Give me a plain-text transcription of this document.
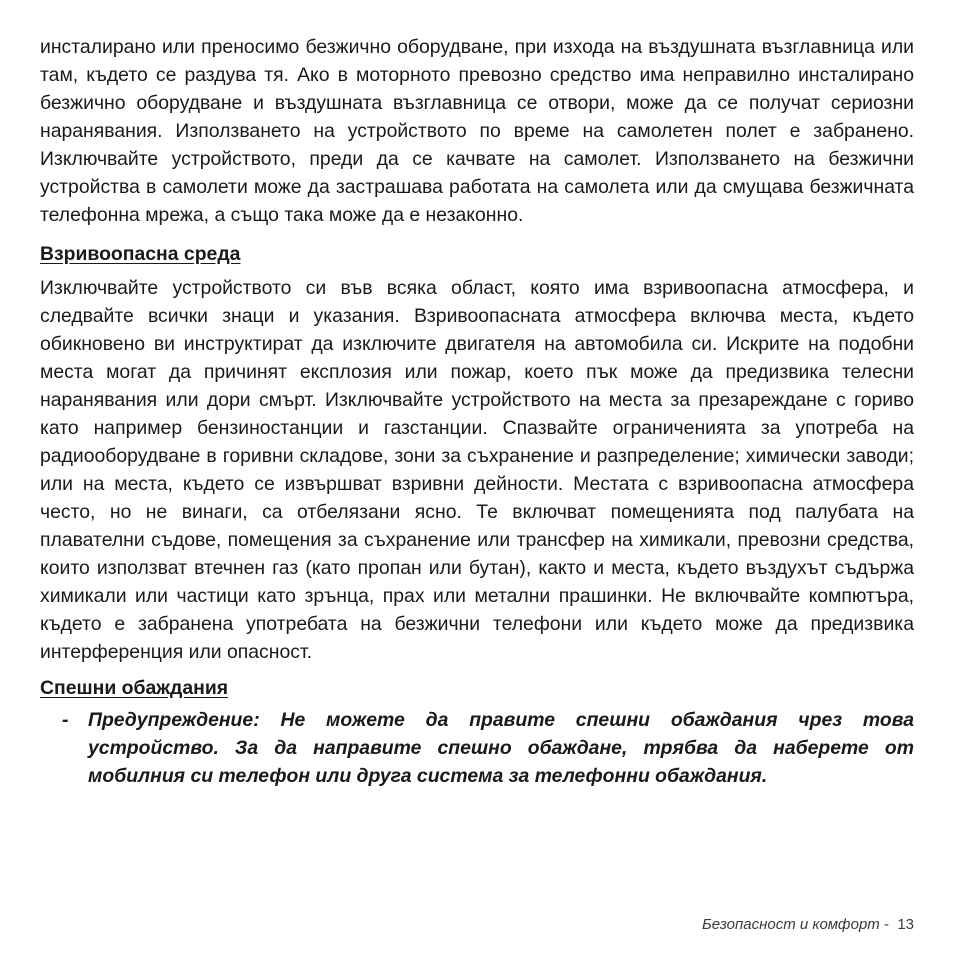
инсталирано или преносимо безжично оборудване, при изхода на въздушната възглавница или там, където се раздува тя. Ако в моторното превозно средство има неправилно инсталирано безжично оборудване и въздушната възглавница се отвори, може да се получат сериозни наранявания. Използването на устройството по време на самолетен полет е забранено. Изключвайте устройството, преди да се качвате на самолет. Използването на безжични устройства в самолети може да застрашава работата на самолета или да смущава безжичната телефонна мрежа, а също така може да е незаконно.

Взривоопасна среда

Изключвайте устройството си във всяка област, която има взривоопасна атмосфера, и следвайте всички знаци и указания. Взривоопасната атмосфера включва места, където обикновено ви инструктират да изключите двигателя на автомобила си. Искрите на подобни места могат да причинят експлозия или пожар, което пък може да предизвика телесни наранявания или дори смърт. Изключвайте устройството на места за презареждане с гориво като например бензиностанции и газстанции. Спазвайте ограниченията за употреба на радиооборудване в горивни складове, зони за съхранение и разпределение; химически заводи; или на места, където се извършват взривни дейности. Местата с взривоопасна атмосфера често, но не винаги, са отбелязани ясно. Те включват помещенията под палубата на плавателни съдове, помещения за съхранение или трансфер на химикали, превозни средства, които използват втечнен газ (като пропан или бутан), както и места, където въздухът съдържа химикали или частици като зрънца, прах или метални прашинки. Не включвайте компютъра, където е забранена употребата на безжични телефони или където може да предизвика интерференция или опасност.

Спешни обаждания
- Предупреждение: Не можете да правите спешни обаждания чрез това устройство. За да направите спешно обаждане, трябва да наберете от мобилния си телефон или друга система за телефонни обаждания.
Безопасност и комфорт -  13
